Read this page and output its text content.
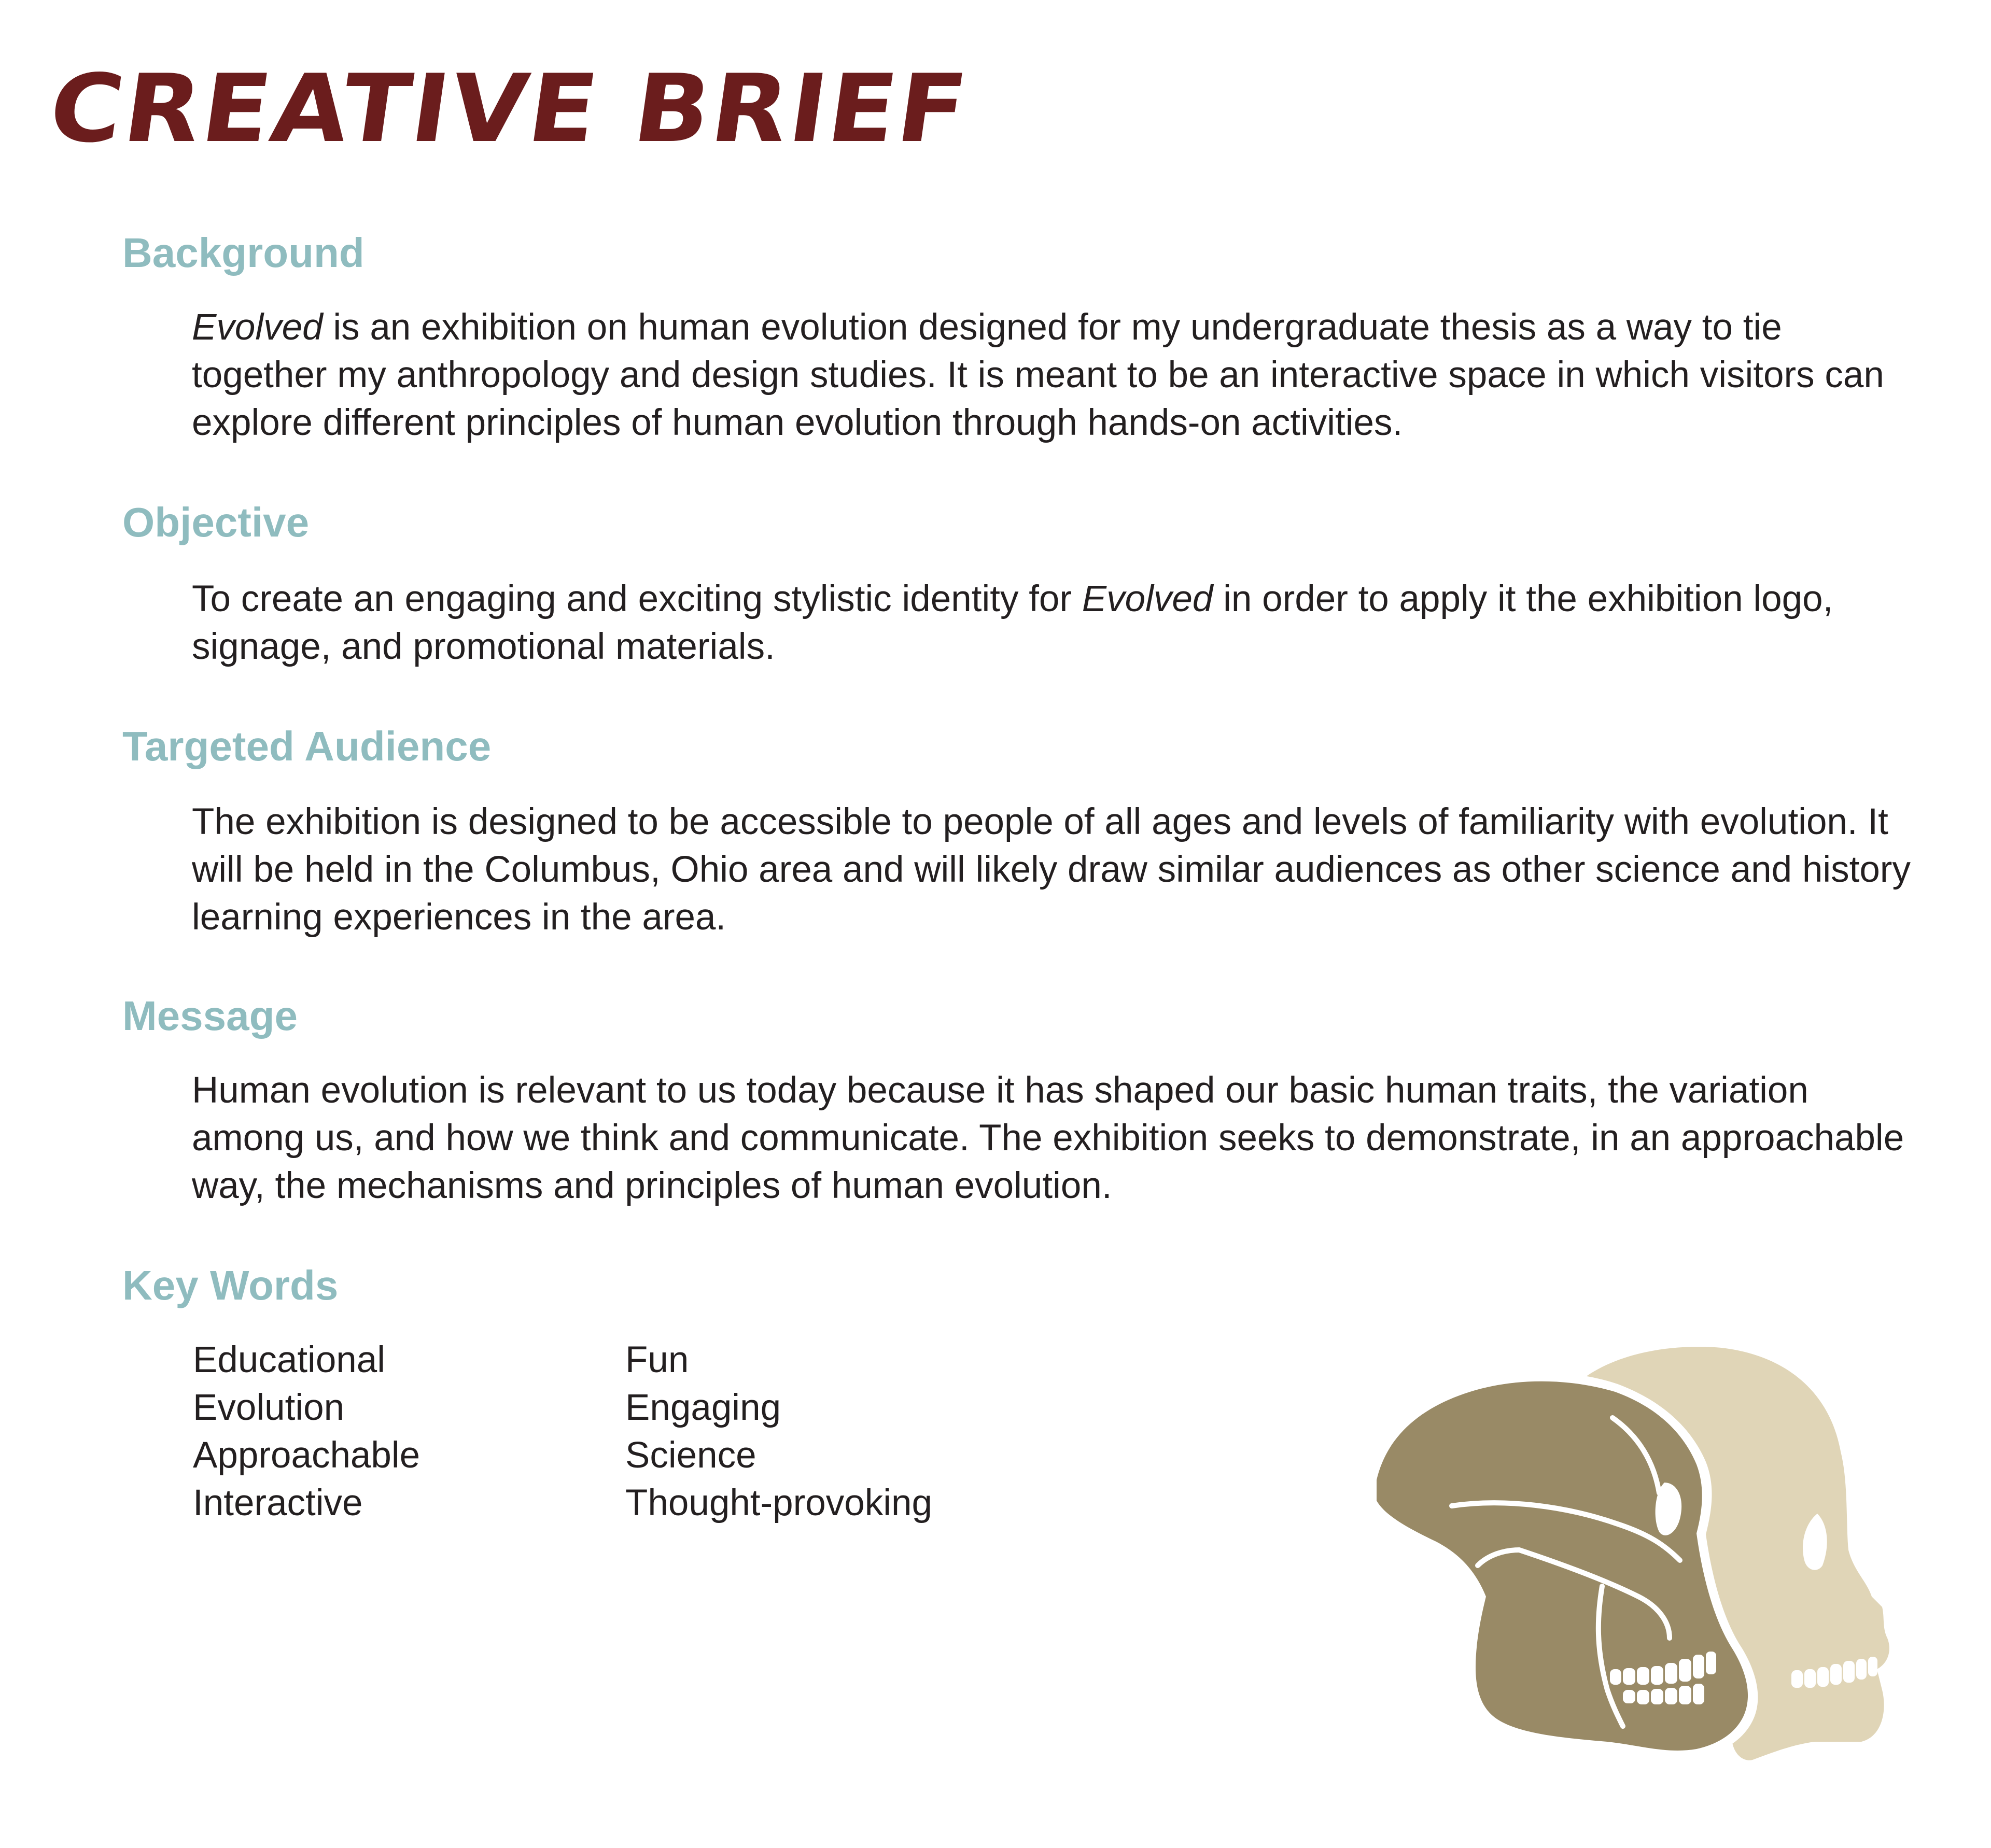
CREATIVE BRIEF
Background

Evolved is an exhibition on human evolution designed for my undergraduate thesis as a way to tie together my anthropology and design studies. It is meant to be an interactive space in which visitors can explore different principles of human evolution through hands-on activities.

Objective

To create an engaging and exciting stylistic identity for Evolved in order to apply it the exhibition logo, signage, and promotional materials.

Targeted Audience

The exhibition is designed to be accessible to people of all ages and levels of familiarity with evolution. It will be held in the Columbus, Ohio area and will likely draw similar audiences as other science and history learning experiences in the area.

Message

Human evolution is relevant to us today because it has shaped our basic human traits, the variation among us, and how we think and communicate. The exhibition seeks to demonstrate, in an approachable way, the mechanisms and principles of human evolution.

Key Words
Educational
Evolution
Approachable
Interactive
Fun
Engaging
Science
Thought-provoking
